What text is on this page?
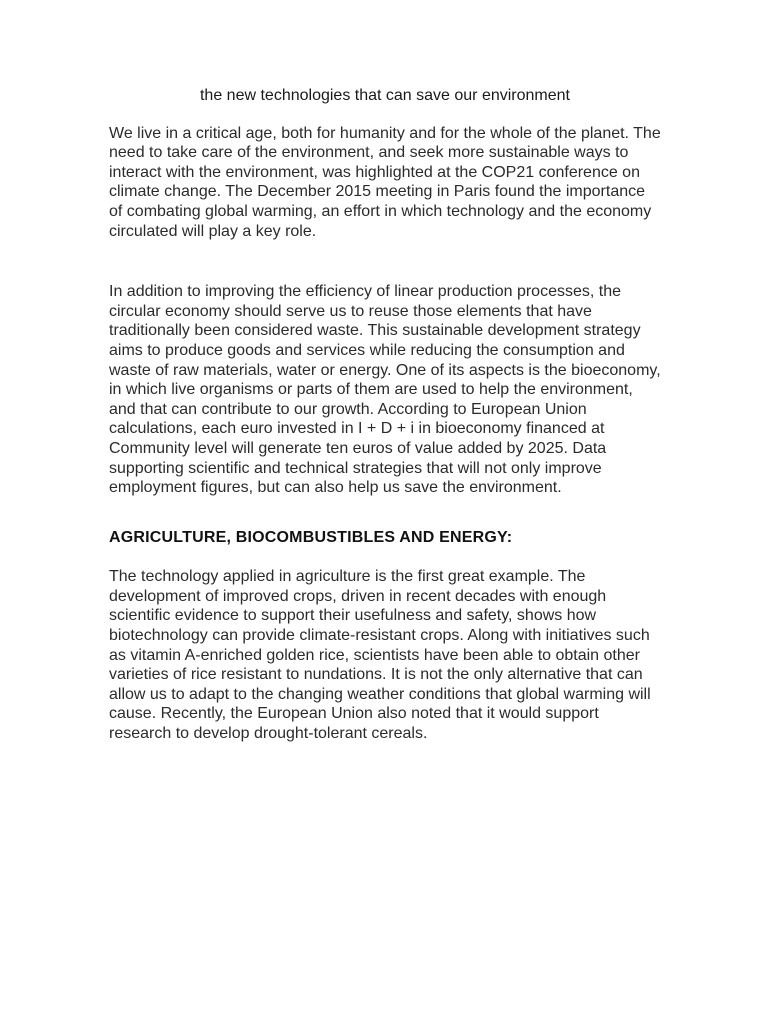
the new technologies that can save our environment

We live in a critical age, both for humanity and for the whole of the planet. The need to take care of the environment, and seek more sustainable ways to interact with the environment, was highlighted at the COP21 conference on climate change. The December 2015 meeting in Paris found the importance of combating global warming, an effort in which technology and the economy circulated will play a key role.

In addition to improving the efficiency of linear production processes, the circular economy should serve us to reuse those elements that have traditionally been considered waste. This sustainable development strategy aims to produce goods and services while reducing the consumption and waste of raw materials, water or energy. One of its aspects is the bioeconomy, in which live organisms or parts of them are used to help the environment, and that can contribute to our growth. According to European Union calculations, each euro invested in I + D + i in bioeconomy financed at Community level will generate ten euros of value added by 2025. Data supporting scientific and technical strategies that will not only improve employment figures, but can also help us save the environment.

AGRICULTURE, BIOCOMBUSTIBLES AND ENERGY:

The technology applied in agriculture is the first great example. The development of improved crops, driven in recent decades with enough scientific evidence to support their usefulness and safety, shows how biotechnology can provide climate-resistant crops. Along with initiatives such as vitamin A-enriched golden rice, scientists have been able to obtain other varieties of rice resistant to nundations. It is not the only alternative that can allow us to adapt to the changing weather conditions that global warming will cause. Recently, the European Union also noted that it would support research to develop drought-tolerant cereals.
